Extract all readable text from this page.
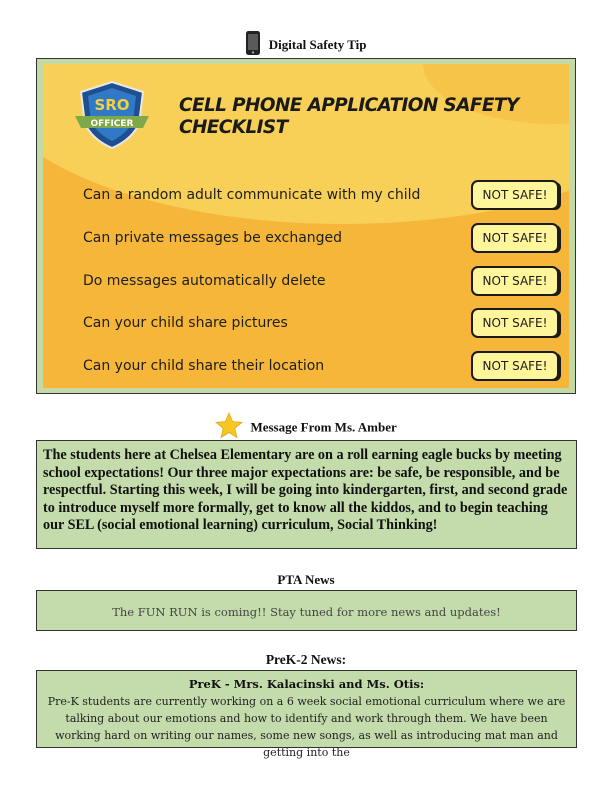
Digital Safety Tip
SRO
OFFICER
CELL PHONE APPLICATION SAFETY CHECKLIST
Can a random adult communicate with my child	NOT SAFE!
Can private messages be exchanged	NOT SAFE!
Do messages automatically delete	NOT SAFE!
Can your child share pictures	NOT SAFE!
Can your child share their location	NOT SAFE!
Message From Ms. Amber

The students here at Chelsea Elementary are on a roll earning eagle bucks by meeting school expectations! Our three major expectations are: be safe, be responsible, and be respectful. Starting this week, I will be going into kindergarten, first, and second grade to introduce myself more formally, get to know all the kiddos, and to begin teaching our SEL (social emotional learning) curriculum, Social Thinking!

PTA News
The FUN RUN is coming!! Stay tuned for more news and updates!
PreK-2 News:
PreK - Mrs. Kalacinski and Ms. Otis:

Pre-K students are currently working on a 6 week social emotional curriculum where we are talking about our emotions and how to identify and work through them. We have been working hard on writing our names, some new songs, as well as introducing mat man and getting into the
